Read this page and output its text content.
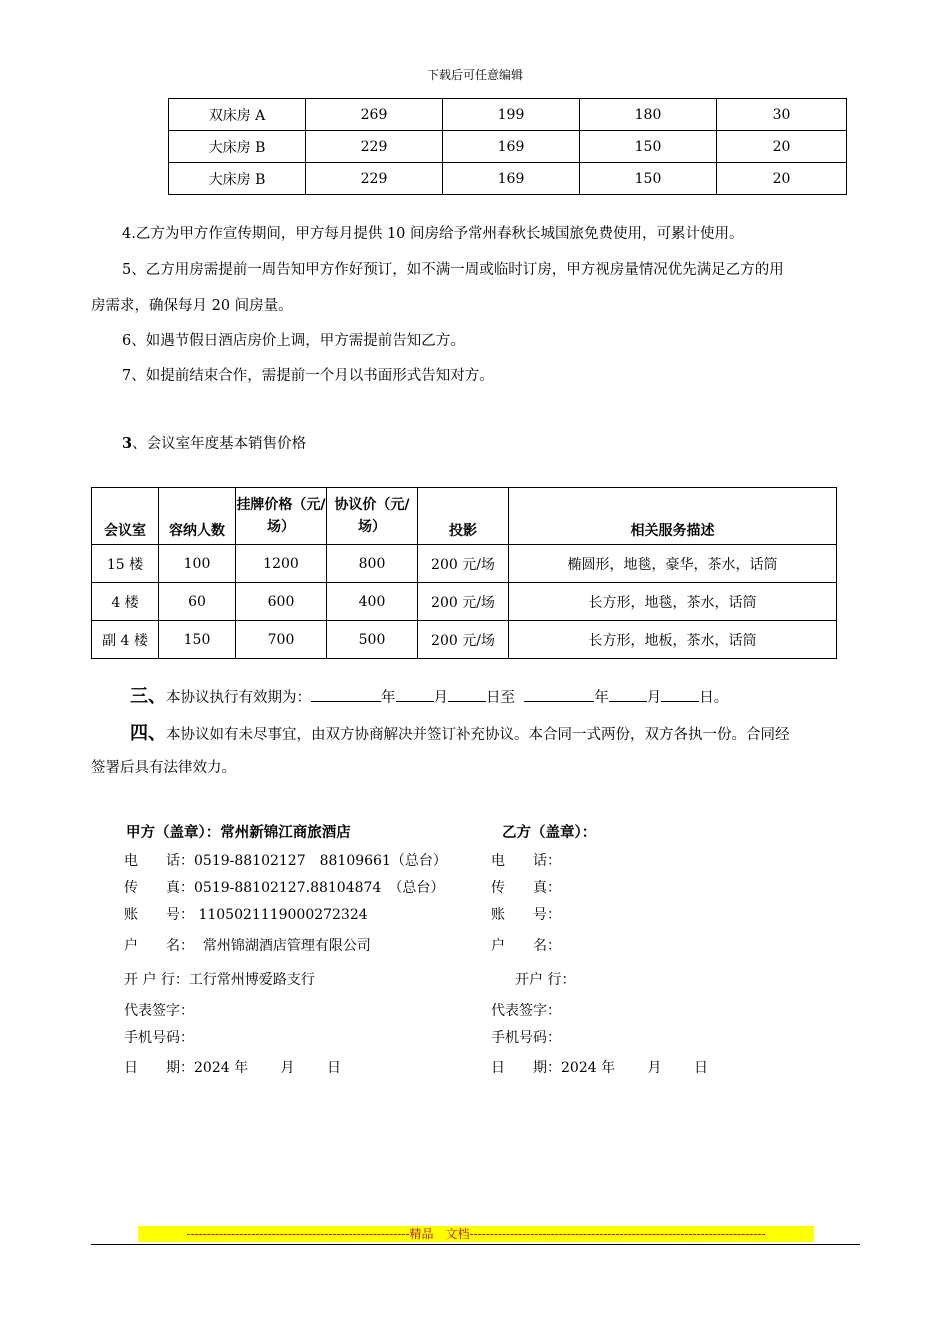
下载后可任意编辑
双床房 A	269	199	180	30
大床房 B	229	169	150	20
大床房 B	229	169	150	20
4.乙方为甲方作宣传期间，甲方每月提供 10 间房给予常州春秋长城国旅免费使用，可累计使用。
5、乙方用房需提前一周告知甲方作好预订，如不满一周或临时订房，甲方视房量情况优先满足乙方的用
房需求，确保每月 20 间房量。
6、如遇节假日酒店房价上调，甲方需提前告知乙方。
7、如提前结束合作，需提前一个月以书面形式告知对方。
3、会议室年度基本销售价格
会议室	容纳人数	挂牌价格（元/场）	协议价（元/场）	投影	相关服务描述
15 楼	100	1200	800	200 元/场	椭圆形，地毯，豪华，茶水，话筒
4 楼	60	600	400	200 元/场	长方形，地毯，茶水，话筒
副 4 楼	150	700	500	200 元/场	长方形，地板，茶水，话筒
三、本协议执行有效期为：	年	月	日至	年	月	日。
四、本协议如有未尽事宜，由双方协商解决并签订补充协议。本合同一式两份，双方各执一份。合同经
签署后具有法律效力。
甲方（盖章）：常州新锦江商旅酒店
电　　话：0519-88102127　88109661（总台）
传　　真：0519-88102127.88104874　（总台）
账　　号： 1105021119000272324
户　　名： 常州锦湖酒店管理有限公司
开 户 行：工行常州博爱路支行
代表签字：
手机号码：
日　　期：2024 年　　 月　　 日
乙方（盖章）：
电　　话：
传　　真：
账　　号：
户　　名：
开户 行：
代表签字：
手机号码：
日　　期：2024 年　　 月　　 日
-------------------------------------------------------精品　文档-------------------------------------------------------------------------
